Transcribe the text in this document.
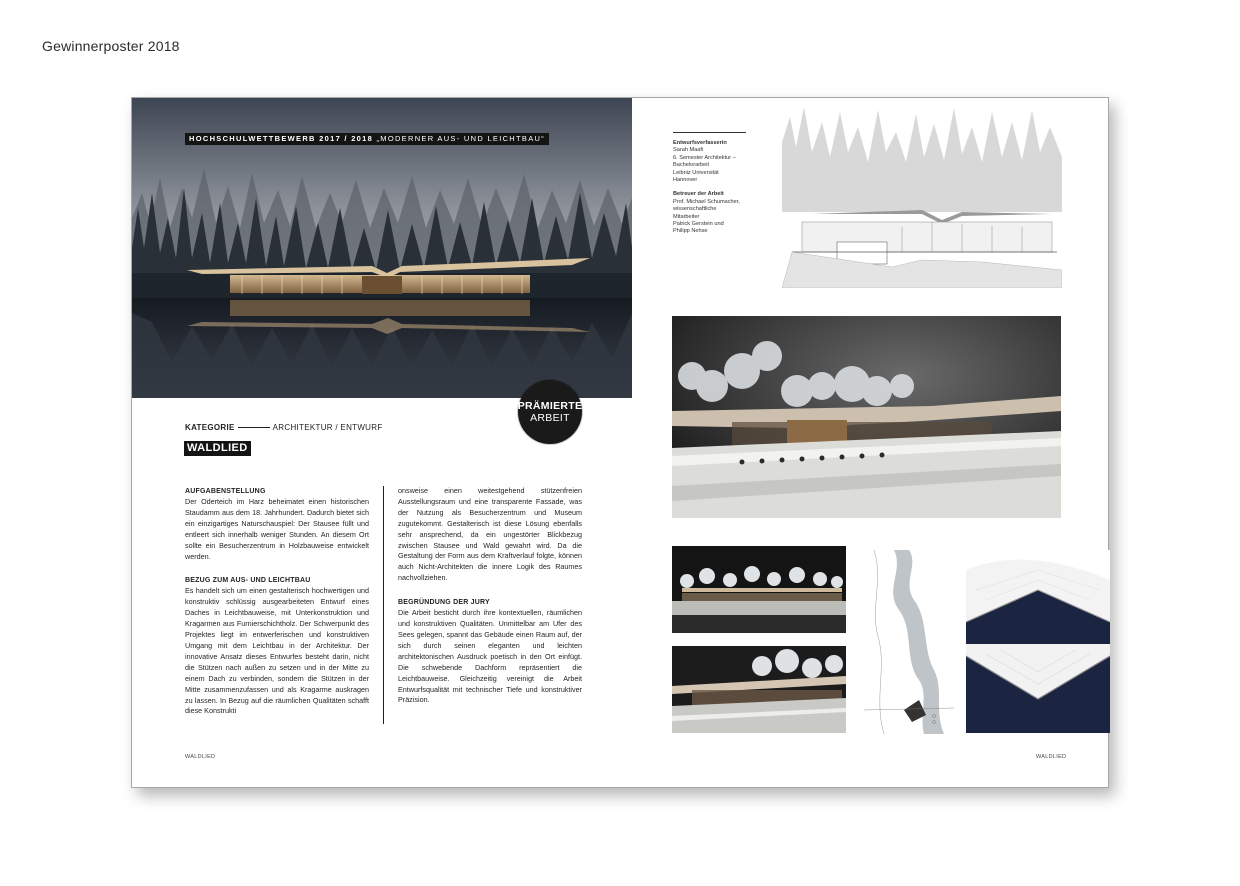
Gewinnerposter 2018
HOCHSCHULWETTBEWERB 2017 / 2018 „MODERNER AUS- UND LEICHTBAU“
PRÄMIERTE
ARBEIT
KATEGORIE	ARCHITEKTUR / ENTWURF
WALDLIED
AUFGABENSTELLUNG

Der Oderteich im Harz beheimatet einen historischen Staudamm aus dem 18. Jahrhundert. Dadurch bietet sich ein einzigartiges Naturschauspiel: Der Stausee füllt und entleert sich innerhalb weniger Stunden. An diesem Ort sollte ein Besucherzentrum in Holzbauweise entwickelt werden.

BEZUG ZUM AUS- UND LEICHTBAU

Es handelt sich um einen gestalterisch hochwertigen und konstruktiv schlüssig ausgearbeiteten Entwurf eines Daches in Leichtbauweise, mit Unterkonstruktion und Kragarmen aus Furnierschichtholz. Der Schwerpunkt des Projektes liegt im entwerferischen und konstruktiven Umgang mit dem Leichtbau in der Architektur. Der innovative Ansatz dieses Entwurfes besteht darin, nicht die Stützen nach außen zu setzen und in der Mitte zu einem Dach zu verbinden, sondern die Stützen in der Mitte zusammenzufassen und als Kragarme auskragen zu lassen. In Bezug auf die räumlichen Qualitäten schafft diese Konstrukti

onsweise einen weitestgehend stützenfreien Ausstellungsraum und eine transparente Fassade, was der Nutzung als Besucherzentrum und Museum zugutekommt. Gestalterisch ist diese Lösung ebenfalls sehr ansprechend, da ein ungestörter Blickbezug zwischen Stausee und Wald gewahrt wird. Da die Gestaltung der Form aus dem Kraftverlauf folgte, können auch Nicht-Architekten die innere Logik des Raumes nachvollziehen.

BEGRÜNDUNG DER JURY

Die Arbeit besticht durch ihre kontextuellen, räumlichen und konstruktiven Qualitäten. Unmittelbar am Ufer des Sees gelegen, spannt das Gebäude einen Raum auf, der sich durch seinen eleganten und leichten architektonischen Ausdruck poetisch in den Ort einfügt. Die schwebende Dachform repräsentiert die Leichtbauweise. Gleichzeitig vereinigt die Arbeit Entwurfsqualität mit technischer Tiefe und konstruktiver Präzision.

WALDLIED	WALDLIED
Entwurfsverfasserin
Sarah Maafi
6. Semester Architektur –
Bachelorarbeit
Leibniz Universität
Hannover
Betreuer der Arbeit
Prof. Michael Schumacher,
wissenschaftliche
Mitarbeiter
Patrick Gerstein und
Philipp Nehse
